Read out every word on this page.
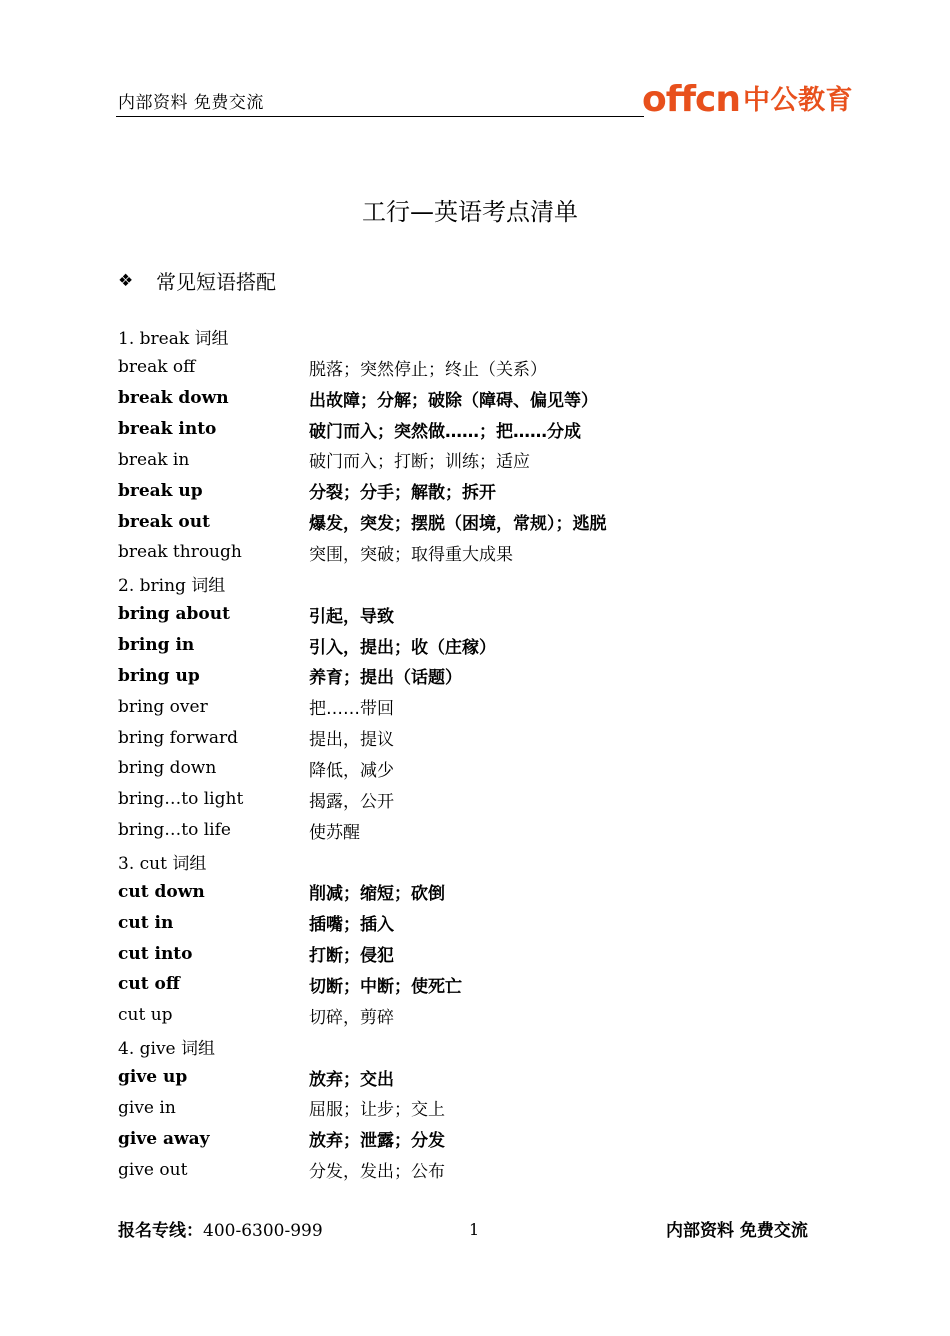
内部资料 免费交流	offcn 中公教育
工行—英语考点清单
❖	常见短语搭配
1. break 词组
break off	脱落；突然停止；终止（关系）
break down	出故障；分解；破除（障碍、偏见等）
break into	破门而入；突然做……；把……分成
break in	破门而入；打断；训练；适应
break up	分裂；分手；解散；拆开
break out	爆发，突发；摆脱（困境，常规）；逃脱
break through	突围，突破；取得重大成果
2. bring 词组
bring about	引起，导致
bring in	引入，提出；收（庄稼）
bring up	养育；提出（话题）
bring over	把……带回
bring forward	提出，提议
bring down	降低，减少
bring…to light	揭露，公开
bring…to life	使苏醒
3. cut 词组
cut down	削减；缩短；砍倒
cut in	插嘴；插入
cut into	打断；侵犯
cut off	切断；中断；使死亡
cut up	切碎，剪碎
4. give 词组
give up	放弃；交出
give in	屈服；让步；交上
give away	放弃；泄露；分发
give out	分发，发出；公布
报名专线：400-6300-999	1	内部资料 免费交流
